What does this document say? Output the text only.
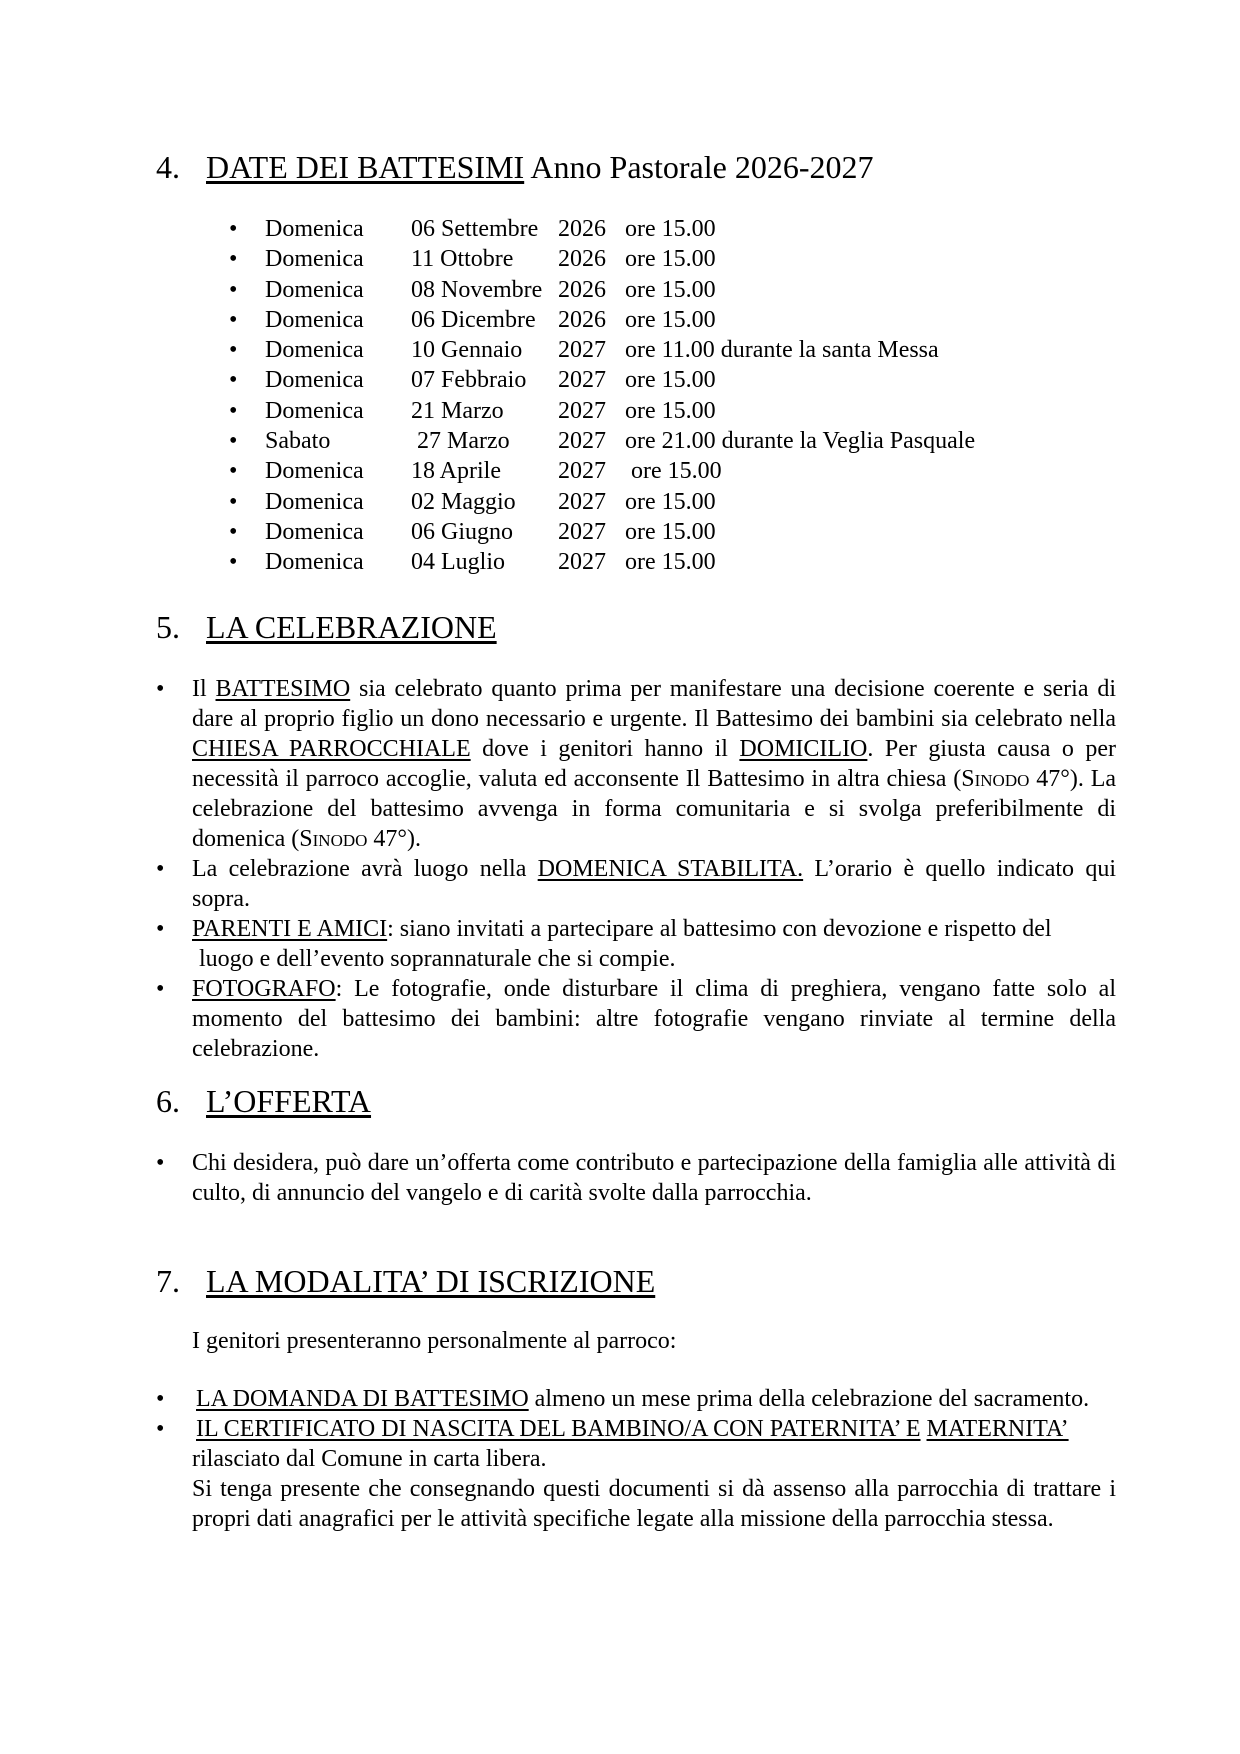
4. DATE DEI BATTESIMI Anno Pastorale 2026-2027
• Domenica 06 Settembre 2026 ore 15.00
• Domenica 11 Ottobre 2026 ore 15.00
• Domenica 08 Novembre 2026 ore 15.00
• Domenica 06 Dicembre 2026 ore 15.00
• Domenica 10 Gennaio 2027 ore 11.00 durante la santa Messa
• Domenica 07 Febbraio 2027 ore 15.00
• Domenica 21 Marzo 2027 ore 15.00
• Sabato	27 Marzo 2027 ore 21.00 durante la Veglia Pasquale
• Domenica 18 Aprile 2027 ore 15.00
• Domenica 02 Maggio 2027 ore 15.00
• Domenica 06 Giugno 2027 ore 15.00
• Domenica 04 Luglio 2027 ore 15.00
5. LA CELEBRAZIONE
• Il BATTESIMO sia celebrato quanto prima per manifestare una decisione coerente e seria di dare al proprio figlio un dono necessario e urgente. Il Battesimo dei bambini sia celebrato nella CHIESA PARROCCHIALE dove i genitori hanno il DOMICILIO. Per giusta causa o per necessità il parroco accoglie, valuta ed acconsente Il Battesimo in altra chiesa (Sinodo 47°). La celebrazione del battesimo avvenga in forma comunitaria e si svolga preferibilmente di domenica (Sinodo 47°).
• La celebrazione avrà luogo nella DOMENICA STABILITA. L’orario è quello indicato qui sopra.
• PARENTI E AMICI: siano invitati a partecipare al battesimo con devozione e rispetto del
luogo e dell’evento soprannaturale che si compie.
• FOTOGRAFO: Le fotografie, onde disturbare il clima di preghiera, vengano fatte solo al momento del battesimo dei bambini: altre fotografie vengano rinviate al termine della celebrazione.
6. L’OFFERTA
• Chi desidera, può dare un’offerta come contributo e partecipazione della famiglia alle attività di culto, di annuncio del vangelo e di carità svolte dalla parrocchia.
7. LA MODALITA’ DI ISCRIZIONE

I genitori presenteranno personalmente al parroco:

• LA DOMANDA DI BATTESIMO almeno un mese prima della celebrazione del sacramento.
• IL CERTIFICATO DI NASCITA DEL BAMBINO/A CON PATERNITA’ E MATERNITA’
rilasciato dal Comune in carta libera.
Si tenga presente che consegnando questi documenti si dà assenso alla parrocchia di trattare i propri dati anagrafici per le attività specifiche legate alla missione della parrocchia stessa.
